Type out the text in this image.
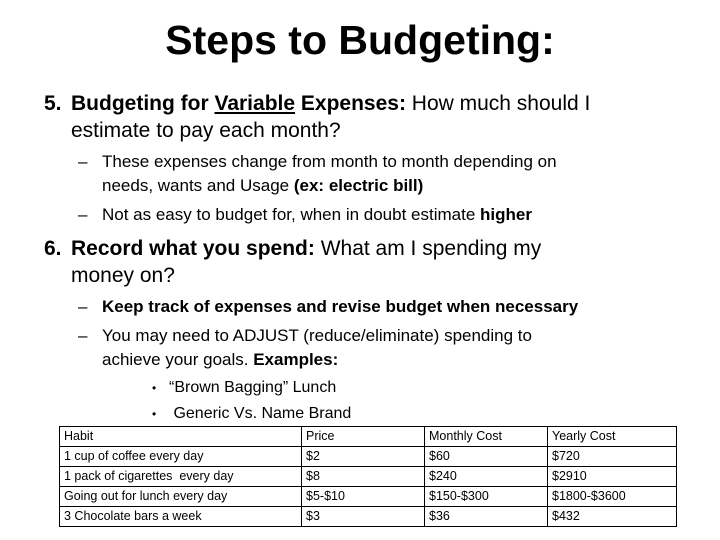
Steps to Budgeting:
5. Budgeting for Variable Expenses: How much should I
estimate to pay each month?
– These expenses change from month to month depending on
needs, wants and Usage (ex: electric bill)
– Not as easy to budget for, when in doubt estimate higher
6. Record what you spend: What am I spending my
money on?
– Keep track of expenses and revise budget when necessary
– You may need to ADJUST (reduce/eliminate) spending to
achieve your goals. Examples:
• “Brown Bagging” Lunch
• Generic Vs. Name Brand
Habit	Price	Monthly Cost	Yearly Cost
1 cup of coffee every day	$2	$60	$720
1 pack of cigarettes  every day	$8	$240	$2910
Going out for lunch every day	$5-$10	$150-$300	$1800-$3600
3 Chocolate bars a week	$3	$36	$432
